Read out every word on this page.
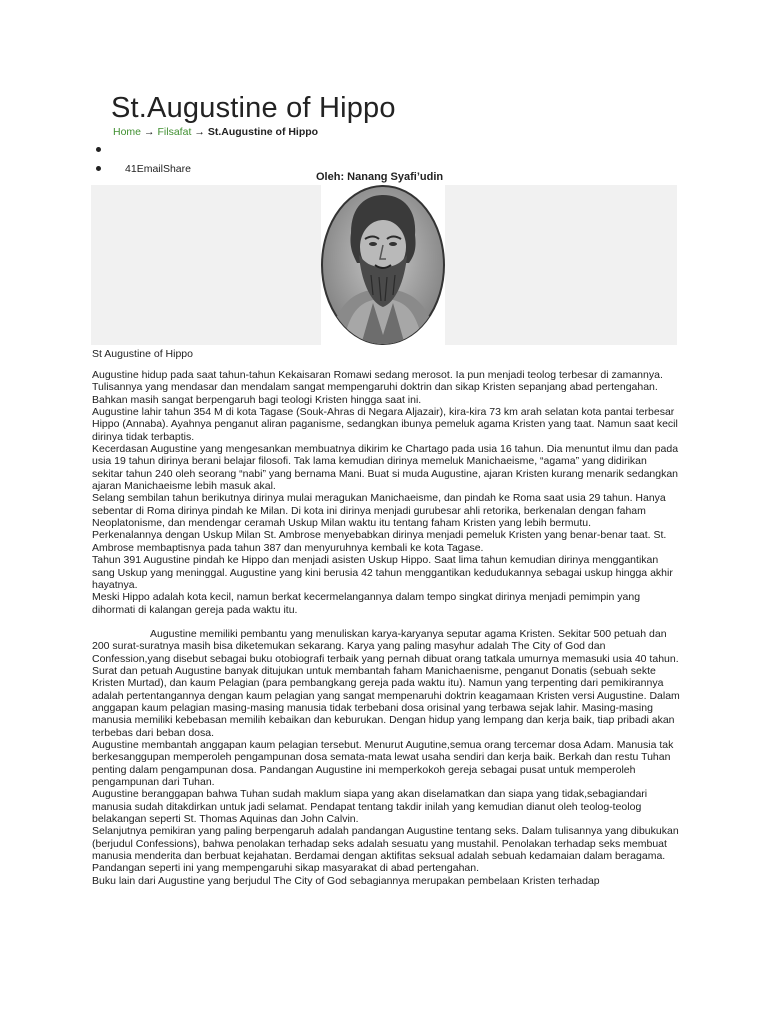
St.Augustine of Hippo
Home → Filsafat → St.Augustine of Hippo
41EmailShare
Oleh: Nanang Syafi’udin
St Augustine of Hippo

Augustine hidup pada saat tahun-tahun Kekaisaran Romawi sedang merosot. Ia pun menjadi teolog terbesar di zamannya. Tulisannya yang mendasar dan mendalam sangat mempengaruhi doktrin dan sikap Kristen sepanjang abad pertengahan. Bahkan masih sangat berpengaruh bagi teologi Kristen hingga saat ini.

Augustine lahir tahun 354 M di kota Tagase (Souk-Ahras di Negara Aljazair), kira-kira 73 km arah selatan kota pantai terbesar Hippo (Annaba). Ayahnya penganut aliran paganisme, sedangkan ibunya pemeluk agama Kristen yang taat. Namun saat kecil dirinya tidak terbaptis.

Kecerdasan Augustine yang mengesankan membuatnya dikirim ke Chartago pada usia 16 tahun. Dia menuntut ilmu dan pada usia 19 tahun dirinya berani belajar filosofi. Tak lama kemudian dirinya memeluk Manichaeisme, “agama” yang didirikan sekitar tahun 240 oleh seorang “nabi” yang bernama Mani. Buat si muda Augustine, ajaran Kristen kurang menarik sedangkan ajaran Manichaeisme lebih masuk akal.

Selang sembilan tahun berikutnya dirinya mulai meragukan Manichaeisme, dan pindah ke Roma saat usia 29 tahun. Hanya sebentar di Roma dirinya pindah ke Milan. Di kota ini dirinya menjadi gurubesar ahli retorika, berkenalan dengan faham Neoplatonisme, dan mendengar ceramah Uskup Milan waktu itu tentang faham Kristen yang lebih bermutu.

Perkenalannya dengan Uskup Milan St. Ambrose menyebabkan dirinya menjadi pemeluk Kristen yang benar-benar taat. St. Ambrose membaptisnya pada tahun 387 dan menyuruhnya kembali ke kota Tagase.

Tahun 391 Augustine pindah ke Hippo dan menjadi asisten Uskup Hippo. Saat lima tahun kemudian dirinya menggantikan sang Uskup yang meninggal. Augustine yang kini berusia 42 tahun menggantikan kedudukannya sebagai uskup hingga akhir hayatnya.

Meski Hippo adalah kota kecil, namun berkat kecermelangannya dalam tempo singkat dirinya menjadi pemimpin yang dihormati di kalangan gereja pada waktu itu.

Augustine memiliki pembantu yang menuliskan karya-karyanya seputar agama Kristen. Sekitar 500 petuah dan 200 surat-suratnya masih bisa diketemukan sekarang. Karya yang paling masyhur adalah The City of God dan Confession,yang disebut sebagai buku otobiografi terbaik yang pernah dibuat orang tatkala umurnya memasuki usia 40 tahun.

Surat dan petuah Augustine banyak ditujukan untuk membantah faham Manichaenisme, penganut Donatis (sebuah sekte Kristen Murtad), dan kaum Pelagian (para pembangkang gereja pada waktu itu). Namun yang terpenting dari pemikirannya adalah pertentangannya dengan kaum pelagian yang sangat mempenaruhi doktrin keagamaan Kristen versi Augustine. Dalam anggapan kaum pelagian masing-masing manusia tidak terbebani dosa orisinal yang terbawa sejak lahir. Masing-masing manusia memiliki kebebasan memilih kebaikan dan keburukan. Dengan hidup yang lempang dan kerja baik, tiap pribadi akan terbebas dari beban dosa.

Augustine membantah anggapan kaum pelagian tersebut. Menurut Augutine,semua orang tercemar dosa Adam. Manusia tak berkesanggupan memperoleh pengampunan dosa semata-mata lewat usaha sendiri dan kerja baik. Berkah dan restu Tuhan penting dalam pengampunan dosa. Pandangan Augustine ini memperkokoh gereja sebagai pusat untuk memperoleh pengampunan dari Tuhan.

Augustine beranggapan bahwa Tuhan sudah maklum siapa yang akan diselamatkan dan siapa yang tidak,sebagiandari manusia sudah ditakdirkan untuk jadi selamat. Pendapat tentang takdir inilah yang kemudian dianut oleh teolog-teolog belakangan seperti St. Thomas Aquinas dan John Calvin.

Selanjutnya pemikiran yang paling berpengaruh adalah pandangan Augustine tentang seks. Dalam tulisannya yang dibukukan (berjudul Confessions), bahwa penolakan terhadap seks adalah sesuatu yang mustahil. Penolakan terhadap seks membuat manusia menderita dan berbuat kejahatan. Berdamai dengan aktifitas seksual adalah sebuah kedamaian dalam beragama. Pandangan seperti ini yang mempengaruhi sikap masyarakat di abad pertengahan.

Buku lain dari Augustine yang berjudul The City of God sebagiannya merupakan pembelaan Kristen terhadap
